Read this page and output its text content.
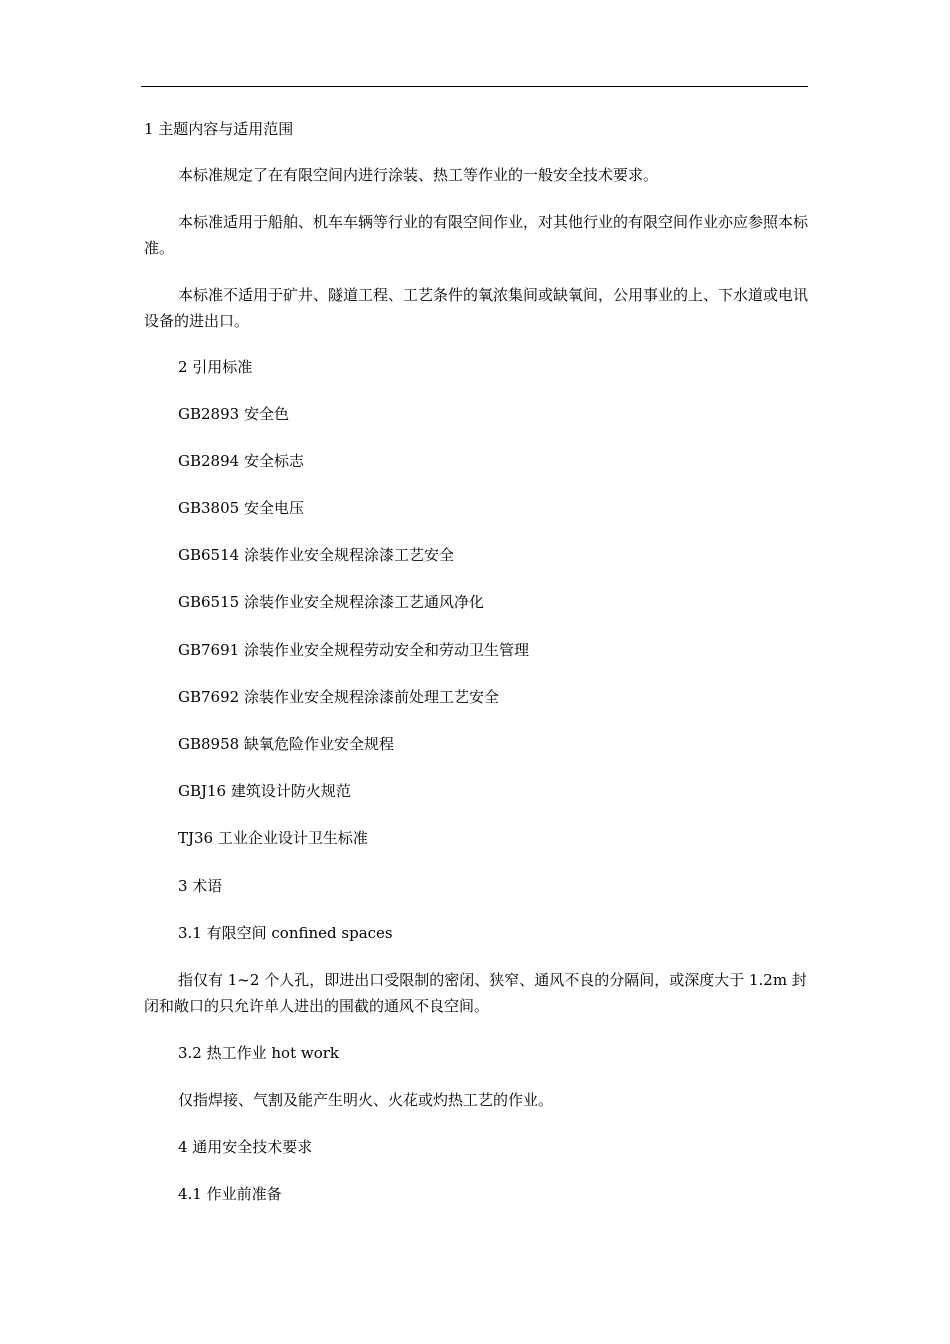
1 主题内容与适用范围
本标准规定了在有限空间内进行涂装、热工等作业的一般安全技术要求。
本标准适用于船舶、机车车辆等行业的有限空间作业，对其他行业的有限空间作业亦应参照本标准。
本标准不适用于矿井、隧道工程、工艺条件的氧浓集间或缺氧间，公用事业的上、下水道或电讯设备的进出口。
2 引用标准
GB2893 安全色
GB2894 安全标志
GB3805 安全电压
GB6514 涂装作业安全规程涂漆工艺安全
GB6515 涂装作业安全规程涂漆工艺通风净化
GB7691 涂装作业安全规程劳动安全和劳动卫生管理
GB7692 涂装作业安全规程涂漆前处理工艺安全
GB8958 缺氧危险作业安全规程
GBJ16 建筑设计防火规范
TJ36 工业企业设计卫生标准
3 术语
3.1 有限空间 confined spaces
指仅有 1~2 个人孔，即进出口受限制的密闭、狭窄、通风不良的分隔间，或深度大于 1.2m 封闭和敞口的只允许单人进出的围截的通风不良空间。
3.2 热工作业 hot work
仅指焊接、气割及能产生明火、火花或灼热工艺的作业。
4 通用安全技术要求
4.1 作业前准备
